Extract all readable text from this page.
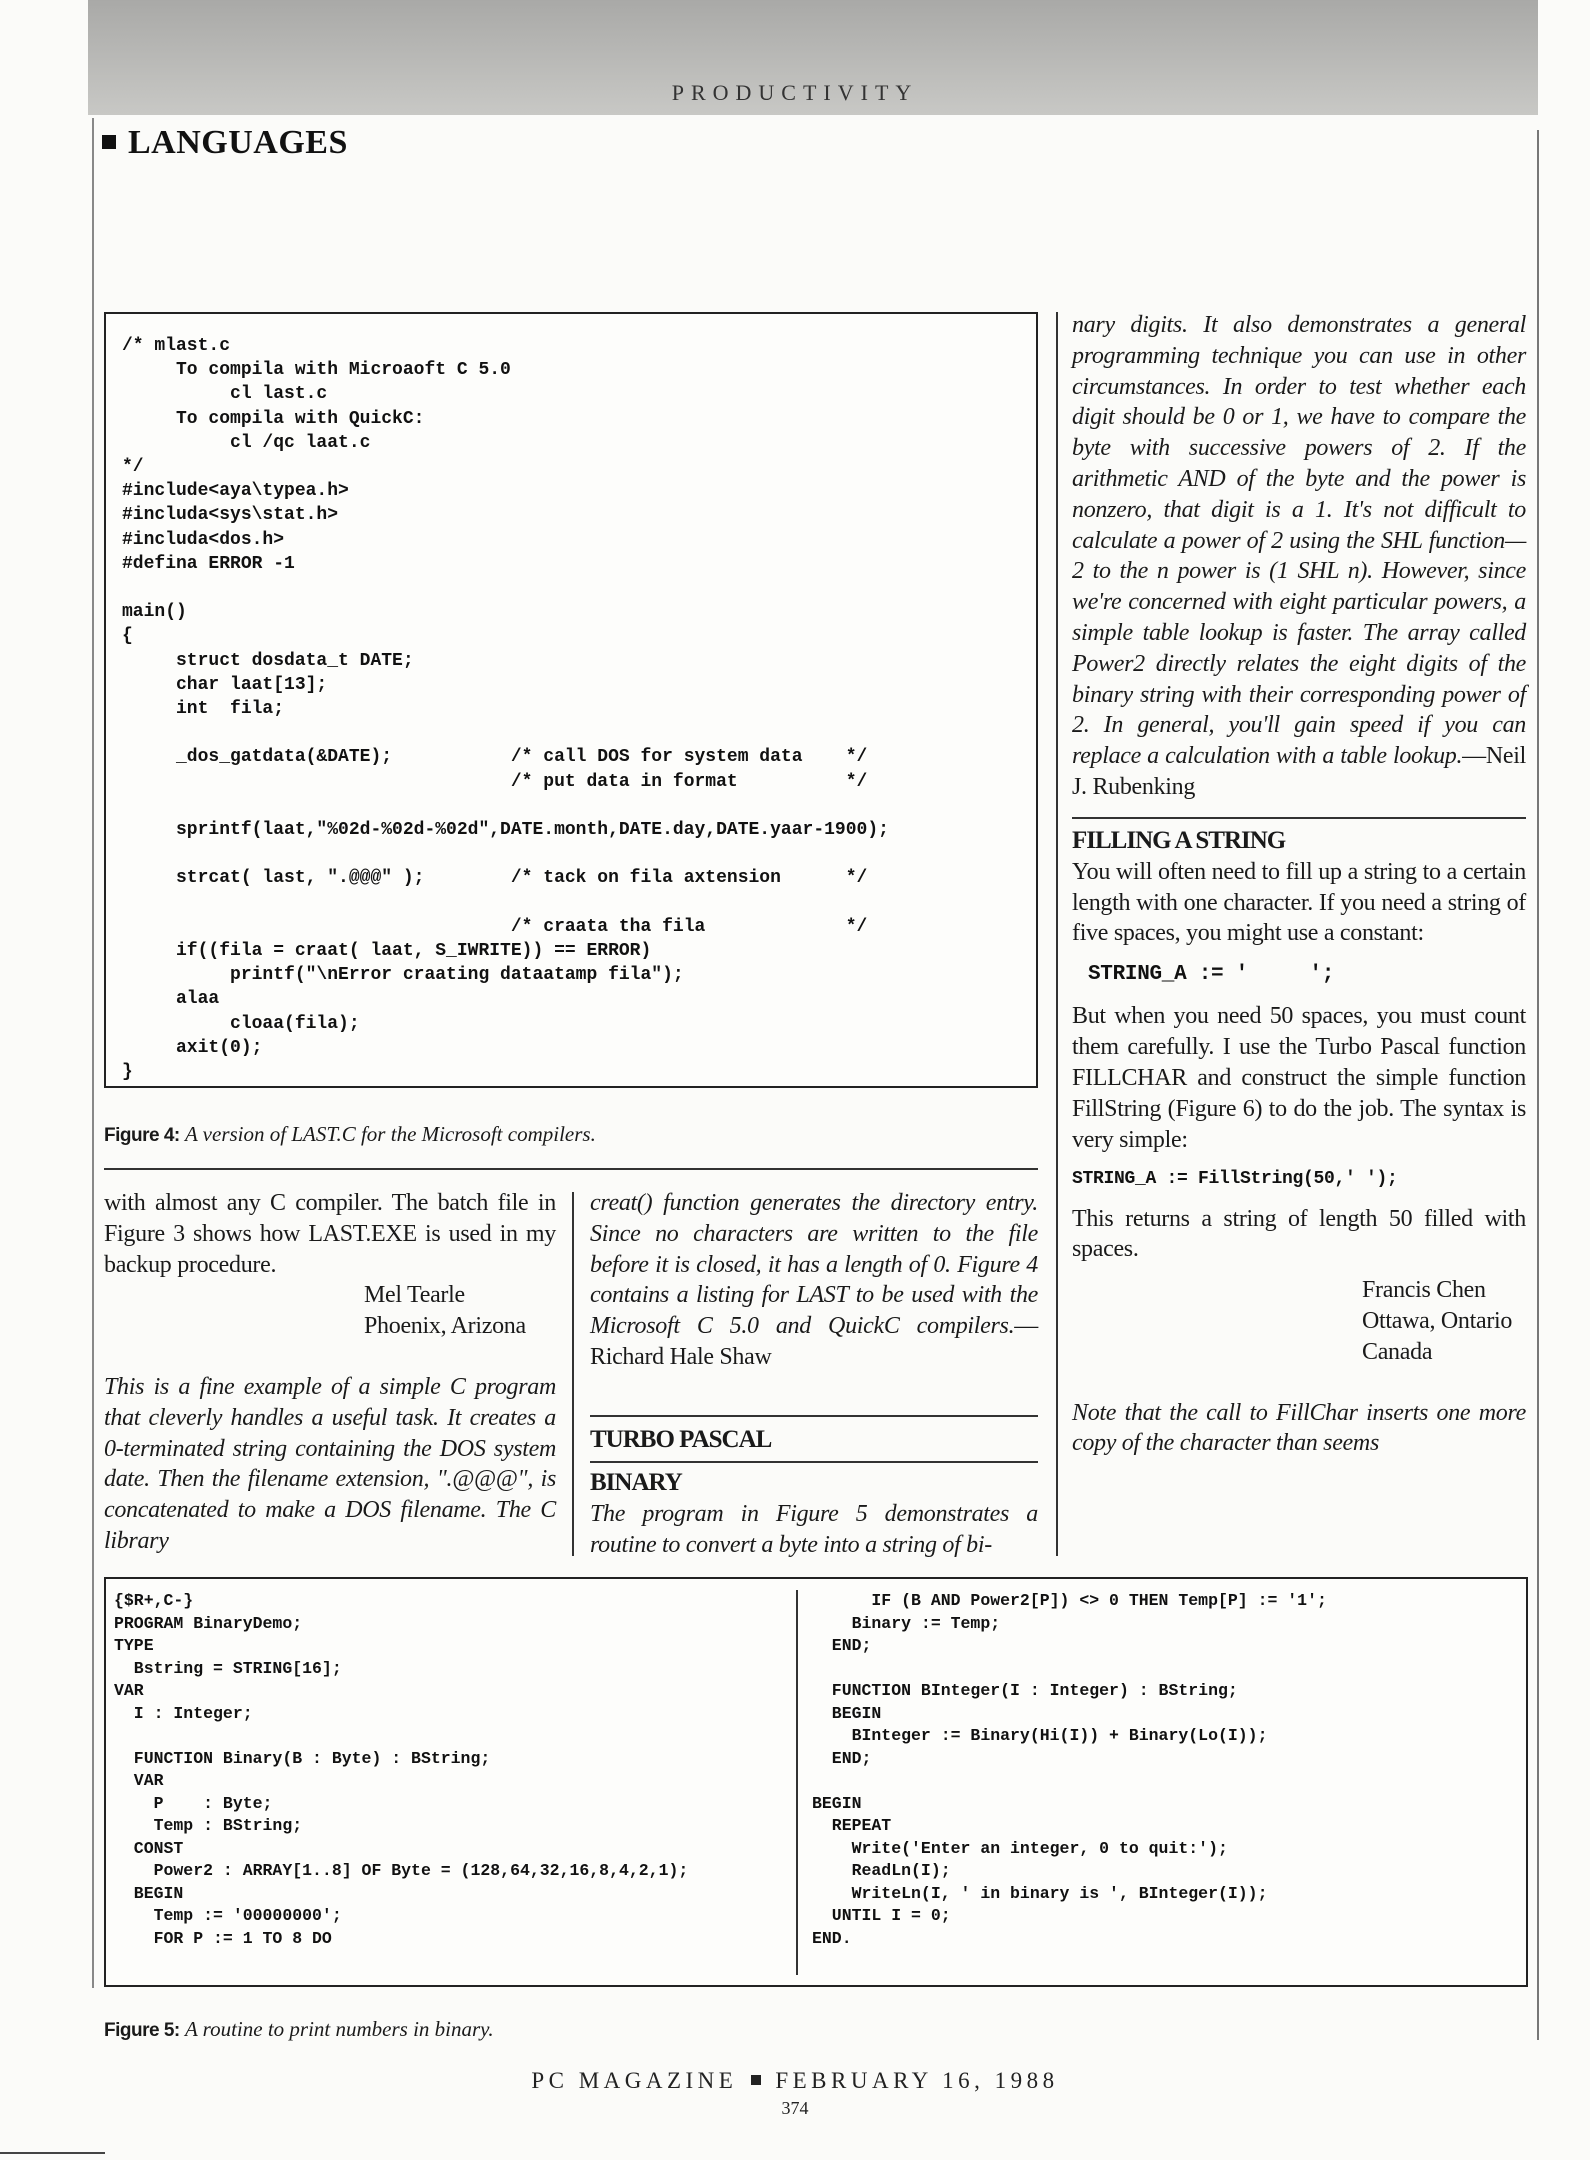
PRODUCTIVITY
LANGUAGES
/* mlast.c
To compila with Microaoft C 5.0
cl last.c
To compila with QuickC:
cl /qc laat.c
*/
#include<aya\typea.h>
#includa<sys\stat.h>
#includa<dos.h>
#defina ERROR -1

main()
{
struct dosdata_t DATE;
char laat[13];
int  fila;

_dos_gatdata(&DATE);           /* call DOS for system data    */
/* put data in format          */

sprintf(laat,"%02d-%02d-%02d",DATE.month,DATE.day,DATE.yaar-1900);

strcat( last, ".@@@" );        /* tack on fila axtension      */

/* craata tha fila             */
if((fila = craat( laat, S_IWRITE)) == ERROR)
printf("\nError craating dataatamp fila");
alaa
cloaa(fila);
axit(0);
}
Figure 4: A version of LAST.C for the Microsoft compilers.

with almost any C compiler. The batch file in Figure 3 shows how LAST.EXE is used in my backup procedure.

Mel Tearle

Phoenix, Arizona

This is a fine example of a simple C program that cleverly handles a useful task. It creates a 0-terminated string containing the DOS system date. Then the filename extension, ".@@@", is concatenated to make a DOS filename. The C library

creat() function generates the directory entry. Since no characters are written to the file before it is closed, it has a length of 0. Figure 4 contains a listing for LAST to be used with the Microsoft C 5.0 and QuickC compilers.—Richard Hale Shaw

TURBO PASCAL

BINARY

The program in Figure 5 demonstrates a routine to convert a byte into a string of bi-

nary digits. It also demonstrates a general programming technique you can use in other circumstances. In order to test whether each digit should be 0 or 1, we have to compare the byte with successive powers of 2. If the arithmetic AND of the byte and the power is nonzero, that digit is a 1. It's not difficult to calculate a power of 2 using the SHL function—2 to the n power is (1 SHL n). However, since we're concerned with eight particular powers, a simple table lookup is faster. The array called Power2 directly relates the eight digits of the binary string with their corresponding power of 2. In general, you'll gain speed if you can replace a calculation with a table lookup.—Neil J. Rubenking

FILLING A STRING

You will often need to fill up a string to a certain length with one character. If you need a string of five spaces, you might use a constant:

STRING_A := '     ';

But when you need 50 spaces, you must count them carefully. I use the Turbo Pascal function FILLCHAR and construct the simple function FillString (Figure 6) to do the job. The syntax is very simple:

STRING_A := FillString(50,' ');

This returns a string of length 50 filled with spaces.

Francis Chen

Ottawa, Ontario

Canada

Note that the call to FillChar inserts one more copy of the character than seems

{$R+,C-}
PROGRAM BinaryDemo;
TYPE
Bstring = STRING[16];
VAR
I : Integer;

FUNCTION Binary(B : Byte) : BString;
VAR
P    : Byte;
Temp : BString;
CONST
Power2 : ARRAY[1..8] OF Byte = (128,64,32,16,8,4,2,1);
BEGIN
Temp := '00000000';
FOR P := 1 TO 8 DO
IF (B AND Power2[P]) <> 0 THEN Temp[P] := '1';
Binary := Temp;
END;

FUNCTION BInteger(I : Integer) : BString;
BEGIN
BInteger := Binary(Hi(I)) + Binary(Lo(I));
END;

BEGIN
REPEAT
Write('Enter an integer, 0 to quit:');
ReadLn(I);
WriteLn(I, ' in binary is ', BInteger(I));
UNTIL I = 0;
END.
Figure 5: A routine to print numbers in binary.
PC MAGAZINE FEBRUARY 16, 1988
374
